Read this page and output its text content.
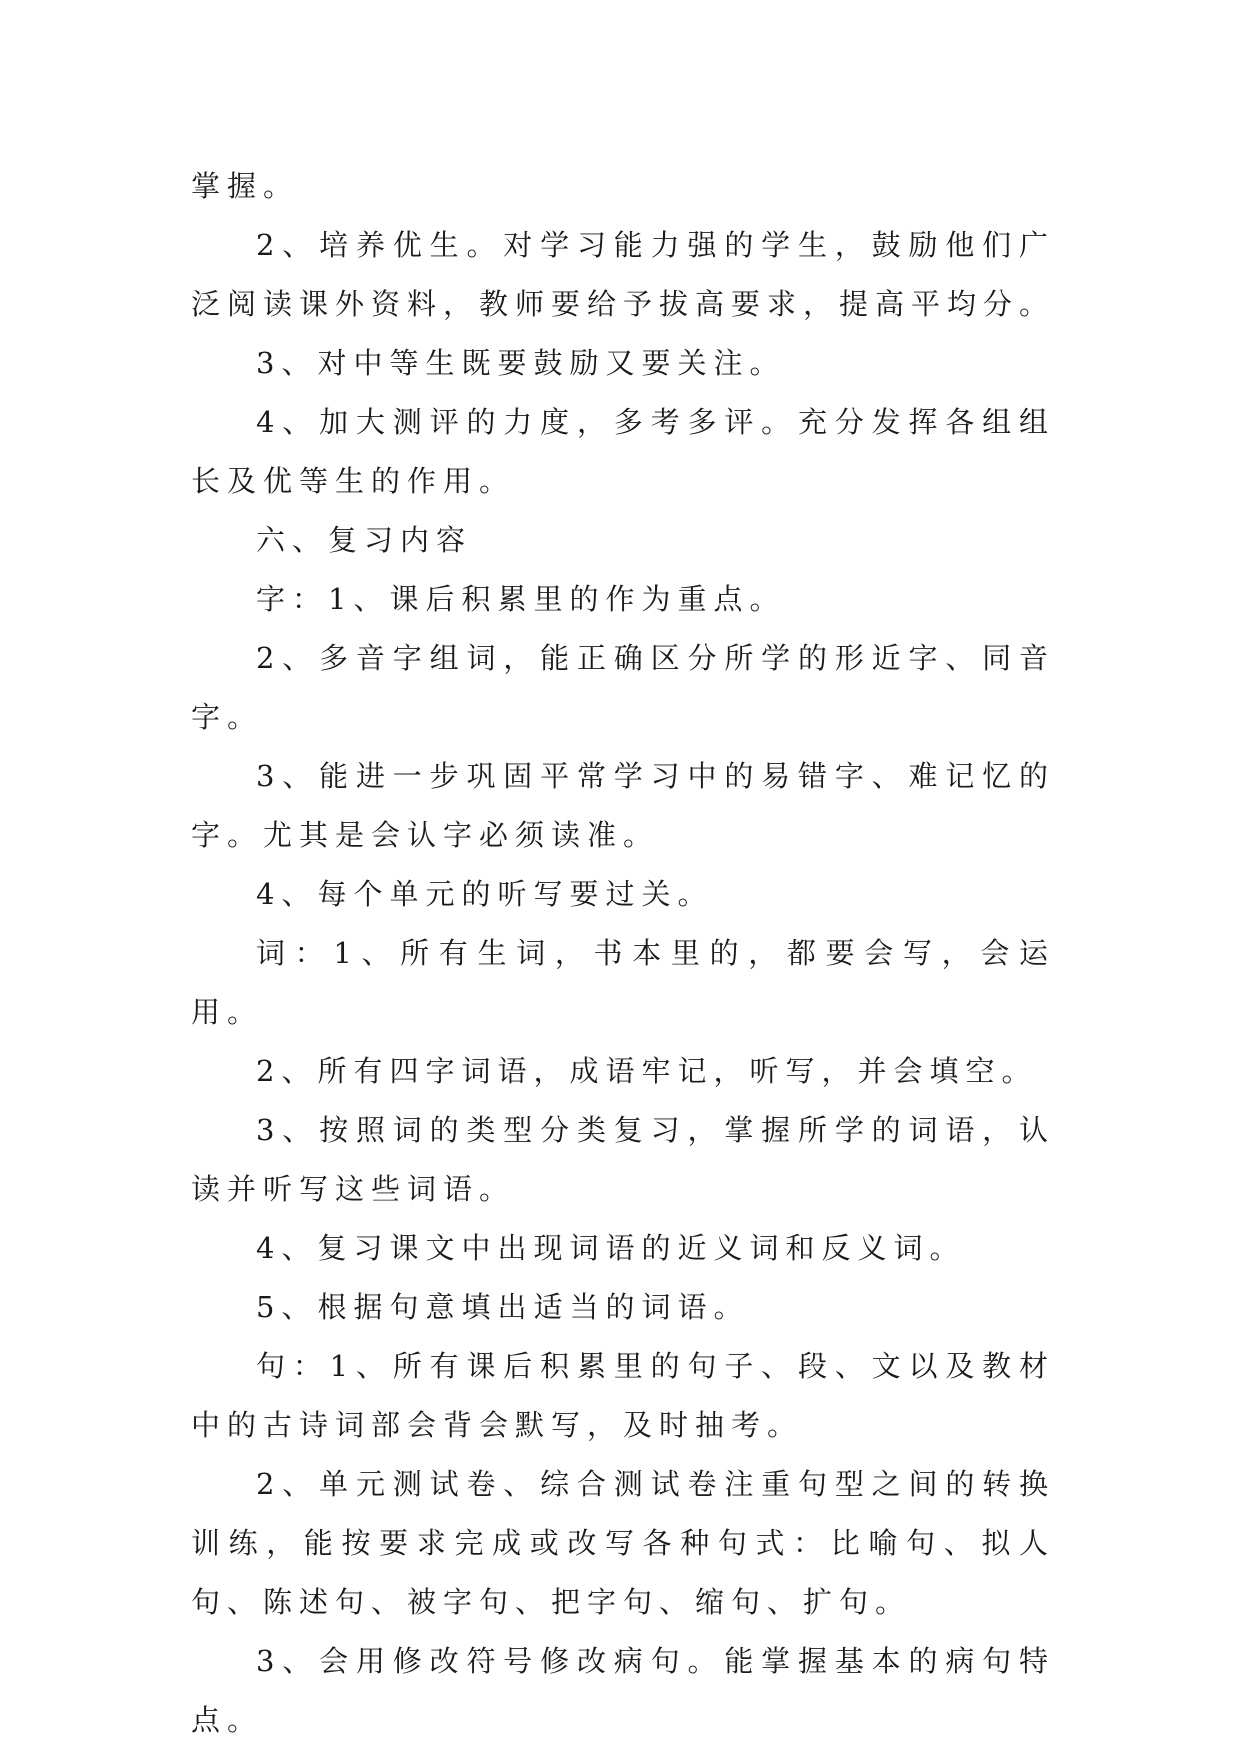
掌握。

2、培养优生。对学习能力强的学生，鼓励他们广泛阅读课外资料，教师要给予拔高要求，提高平均分。

3、对中等生既要鼓励又要关注。

4、加大测评的力度，多考多评。充分发挥各组组长及优等生的作用。

六、复习内容

字：1、课后积累里的作为重点。

2、多音字组词，能正确区分所学的形近字、同音字。

3、能进一步巩固平常学习中的易错字、难记忆的字。尤其是会认字必须读准。

4、每个单元的听写要过关。

词：1、所有生词，书本里的，都要会写，会运用。

2、所有四字词语，成语牢记，听写，并会填空。

3、按照词的类型分类复习，掌握所学的词语，认读并听写这些词语。

4、复习课文中出现词语的近义词和反义词。

5、根据句意填出适当的词语。

句：1、所有课后积累里的句子、段、文以及教材中的古诗词部会背会默写，及时抽考。

2、单元测试卷、综合测试卷注重句型之间的转换训练，能按要求完成或改写各种句式：比喻句、拟人句、陈述句、被字句、把字句、缩句、扩句。

3、会用修改符号修改病句。能掌握基本的病句特点。
